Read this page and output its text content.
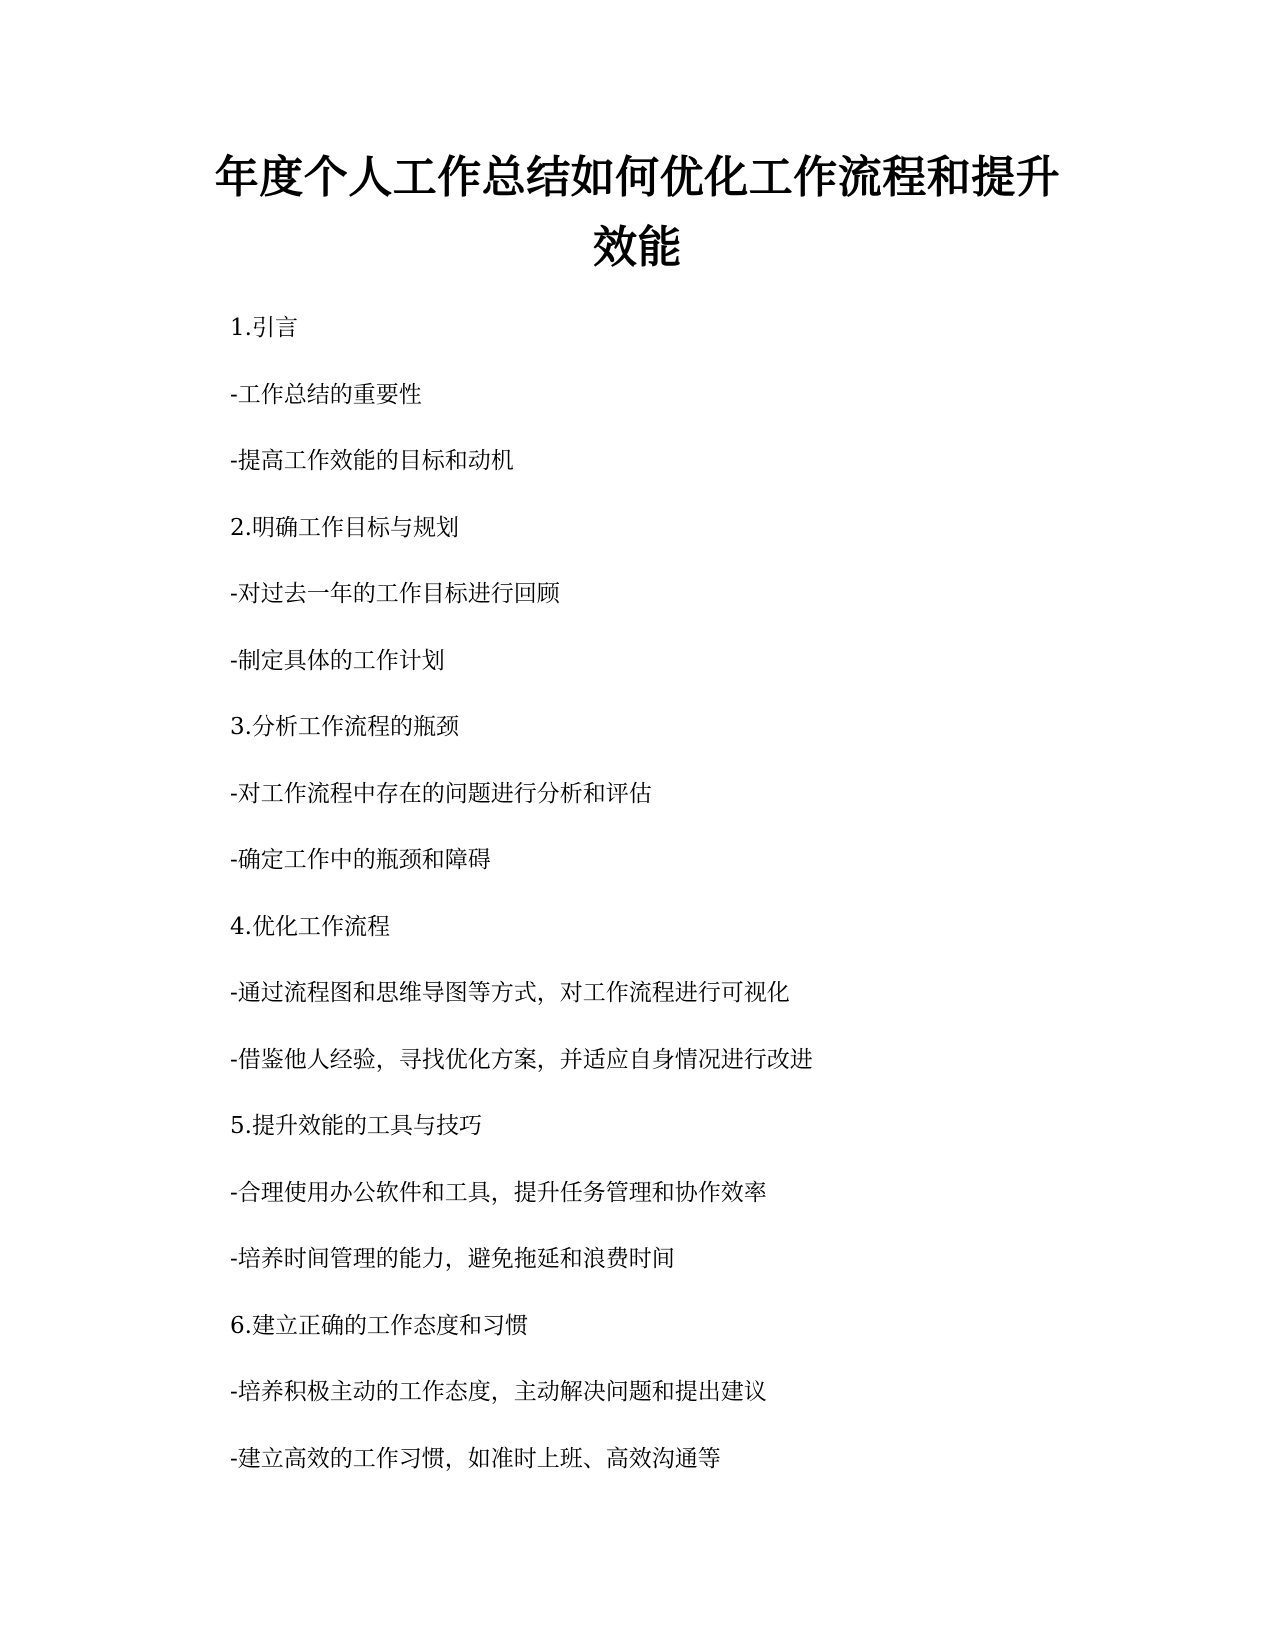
年度个人工作总结如何优化工作流程和提升
效能
1.引言
-工作总结的重要性
-提高工作效能的目标和动机
2.明确工作目标与规划
-对过去一年的工作目标进行回顾
-制定具体的工作计划
3.分析工作流程的瓶颈
-对工作流程中存在的问题进行分析和评估
-确定工作中的瓶颈和障碍
4.优化工作流程
-通过流程图和思维导图等方式，对工作流程进行可视化
-借鉴他人经验，寻找优化方案，并适应自身情况进行改进
5.提升效能的工具与技巧
-合理使用办公软件和工具，提升任务管理和协作效率
-培养时间管理的能力，避免拖延和浪费时间
6.建立正确的工作态度和习惯
-培养积极主动的工作态度，主动解决问题和提出建议
-建立高效的工作习惯，如准时上班、高效沟通等
